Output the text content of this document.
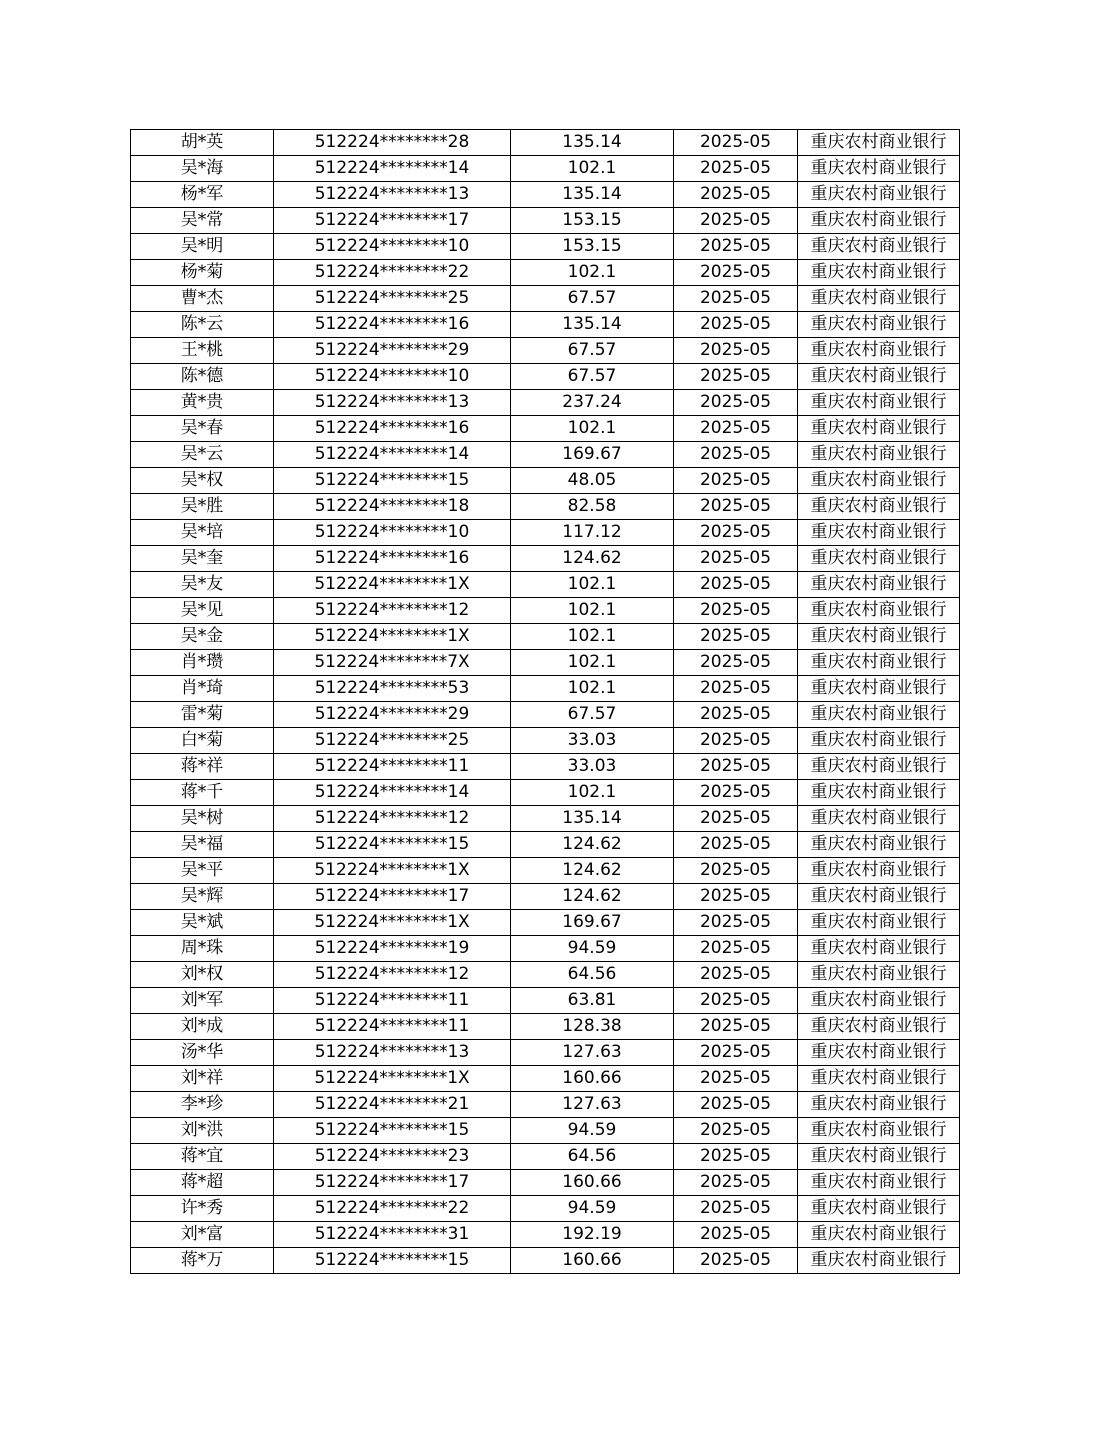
胡*英	512224********28	135.14	2025-05	重庆农村商业银行
吴*海	512224********14	102.1	2025-05	重庆农村商业银行
杨*军	512224********13	135.14	2025-05	重庆农村商业银行
吴*常	512224********17	153.15	2025-05	重庆农村商业银行
吴*明	512224********10	153.15	2025-05	重庆农村商业银行
杨*菊	512224********22	102.1	2025-05	重庆农村商业银行
曹*杰	512224********25	67.57	2025-05	重庆农村商业银行
陈*云	512224********16	135.14	2025-05	重庆农村商业银行
王*桃	512224********29	67.57	2025-05	重庆农村商业银行
陈*德	512224********10	67.57	2025-05	重庆农村商业银行
黄*贵	512224********13	237.24	2025-05	重庆农村商业银行
吴*春	512224********16	102.1	2025-05	重庆农村商业银行
吴*云	512224********14	169.67	2025-05	重庆农村商业银行
吴*权	512224********15	48.05	2025-05	重庆农村商业银行
吴*胜	512224********18	82.58	2025-05	重庆农村商业银行
吴*培	512224********10	117.12	2025-05	重庆农村商业银行
吴*奎	512224********16	124.62	2025-05	重庆农村商业银行
吴*友	512224********1X	102.1	2025-05	重庆农村商业银行
吴*见	512224********12	102.1	2025-05	重庆农村商业银行
吴*金	512224********1X	102.1	2025-05	重庆农村商业银行
肖*瓒	512224********7X	102.1	2025-05	重庆农村商业银行
肖*琦	512224********53	102.1	2025-05	重庆农村商业银行
雷*菊	512224********29	67.57	2025-05	重庆农村商业银行
白*菊	512224********25	33.03	2025-05	重庆农村商业银行
蒋*祥	512224********11	33.03	2025-05	重庆农村商业银行
蒋*千	512224********14	102.1	2025-05	重庆农村商业银行
吴*树	512224********12	135.14	2025-05	重庆农村商业银行
吴*福	512224********15	124.62	2025-05	重庆农村商业银行
吴*平	512224********1X	124.62	2025-05	重庆农村商业银行
吴*辉	512224********17	124.62	2025-05	重庆农村商业银行
吴*斌	512224********1X	169.67	2025-05	重庆农村商业银行
周*珠	512224********19	94.59	2025-05	重庆农村商业银行
刘*权	512224********12	64.56	2025-05	重庆农村商业银行
刘*军	512224********11	63.81	2025-05	重庆农村商业银行
刘*成	512224********11	128.38	2025-05	重庆农村商业银行
汤*华	512224********13	127.63	2025-05	重庆农村商业银行
刘*祥	512224********1X	160.66	2025-05	重庆农村商业银行
李*珍	512224********21	127.63	2025-05	重庆农村商业银行
刘*洪	512224********15	94.59	2025-05	重庆农村商业银行
蒋*宜	512224********23	64.56	2025-05	重庆农村商业银行
蒋*超	512224********17	160.66	2025-05	重庆农村商业银行
许*秀	512224********22	94.59	2025-05	重庆农村商业银行
刘*富	512224********31	192.19	2025-05	重庆农村商业银行
蒋*万	512224********15	160.66	2025-05	重庆农村商业银行
